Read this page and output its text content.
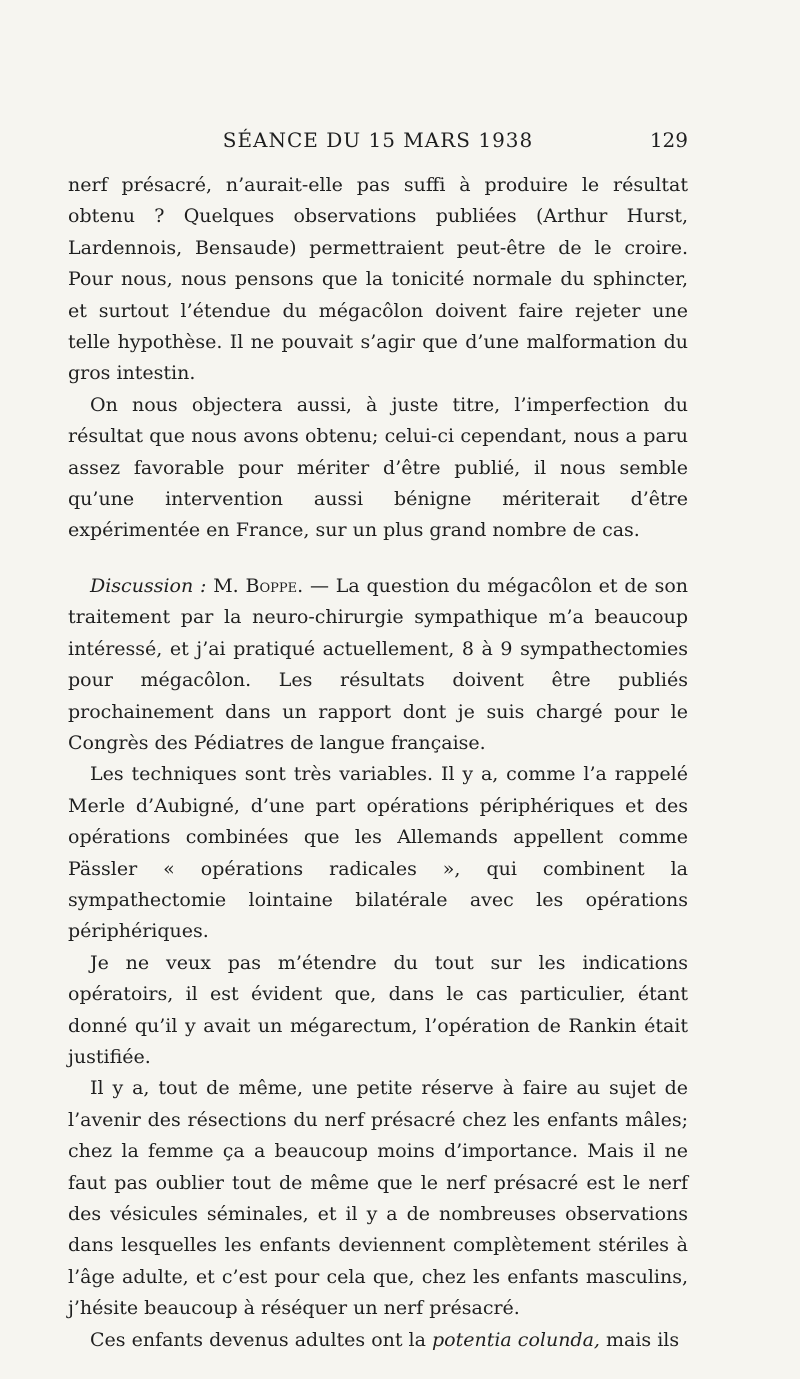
SÉANCE DU 15 MARS 1938	129

nerf présacré, n’aurait-elle pas suffi à produire le résultat obtenu ? Quelques observations publiées (Arthur Hurst, Lardennois, Bensaude) permettraient peut-être de le croire. Pour nous, nous pensons que la tonicité normale du sphincter, et surtout l’étendue du mégacôlon doivent faire rejeter une telle hypothèse. Il ne pouvait s’agir que d’une malformation du gros intestin.

On nous objectera aussi, à juste titre, l’imperfection du résultat que nous avons obtenu; celui-ci cependant, nous a paru assez favorable pour mériter d’être publié, il nous semble qu’une intervention aussi bénigne mériterait d’être expérimentée en France, sur un plus grand nombre de cas.

Discussion : M. Boppe. — La question du mégacôlon et de son traitement par la neuro-chirurgie sympathique m’a beaucoup intéressé, et j’ai pratiqué actuellement, 8 à 9 sympathectomies pour mégacôlon. Les résultats doivent être publiés prochainement dans un rapport dont je suis chargé pour le Congrès des Pédiatres de langue française.

Les techniques sont très variables. Il y a, comme l’a rappelé Merle d’Aubigné, d’une part opérations périphériques et des opérations combinées que les Allemands appellent comme Pässler « opérations radicales », qui combinent la sympathectomie lointaine bilatérale avec les opérations périphériques.

Je ne veux pas m’étendre du tout sur les indications opératoirs, il est évident que, dans le cas particulier, étant donné qu’il y avait un mégarectum, l’opération de Rankin était justifiée.

Il y a, tout de même, une petite réserve à faire au sujet de l’avenir des résections du nerf présacré chez les enfants mâles; chez la femme ça a beaucoup moins d’importance. Mais il ne faut pas oublier tout de même que le nerf présacré est le nerf des vésicules séminales, et il y a de nombreuses observations dans lesquelles les enfants deviennent complètement stériles à l’âge adulte, et c’est pour cela que, chez les enfants masculins, j’hésite beaucoup à réséquer un nerf présacré.

Ces enfants devenus adultes ont la potentia colunda, mais ils
